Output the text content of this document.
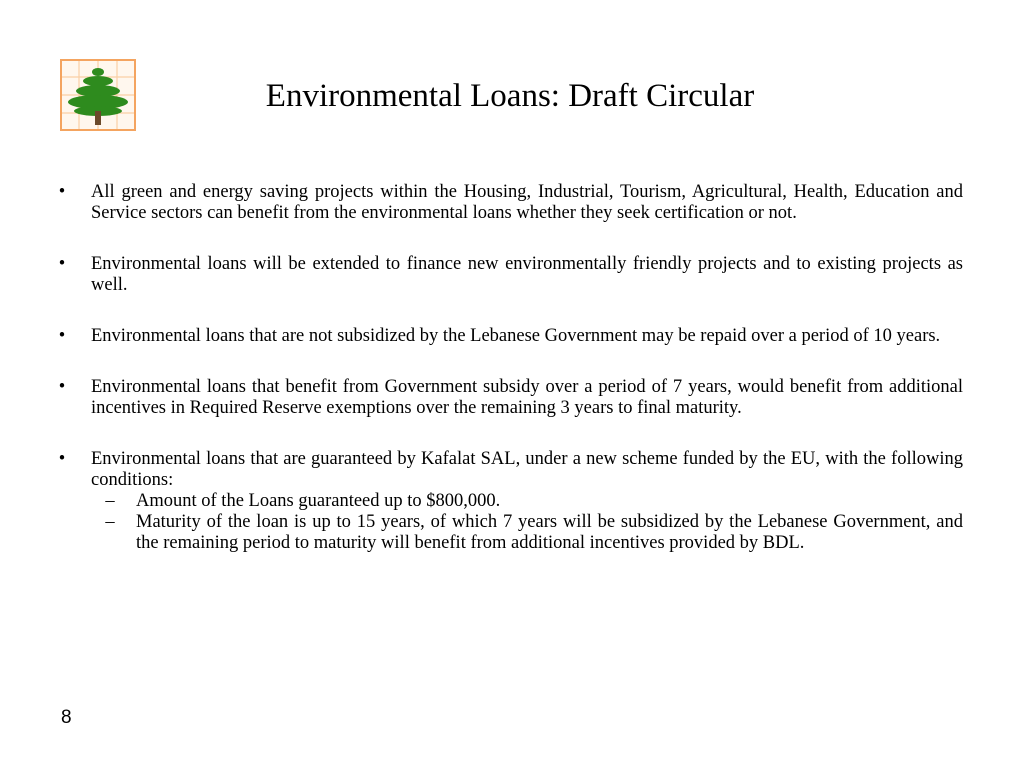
Environmental Loans: Draft Circular
• All green and energy saving projects within the Housing, Industrial, Tourism, Agricultural, Health, Education and Service sectors can benefit from the environmental loans whether they seek certification or not.
• Environmental loans will be extended to finance new environmentally friendly projects and to existing projects as well.
• Environmental loans that are not subsidized by the Lebanese Government may be repaid over a period of 10 years.
• Environmental loans that benefit from Government subsidy over a period of 7 years, would benefit from additional incentives in Required Reserve exemptions over the remaining 3 years to final maturity.
• Environmental loans that are guaranteed by Kafalat SAL, under a new scheme funded by the EU, with the following conditions:
– Amount of the Loans guaranteed up to $800,000.
– Maturity of the loan is up to 15 years, of which 7 years will be subsidized by the Lebanese Government, and the remaining period to maturity will benefit from additional incentives provided by BDL.
8
